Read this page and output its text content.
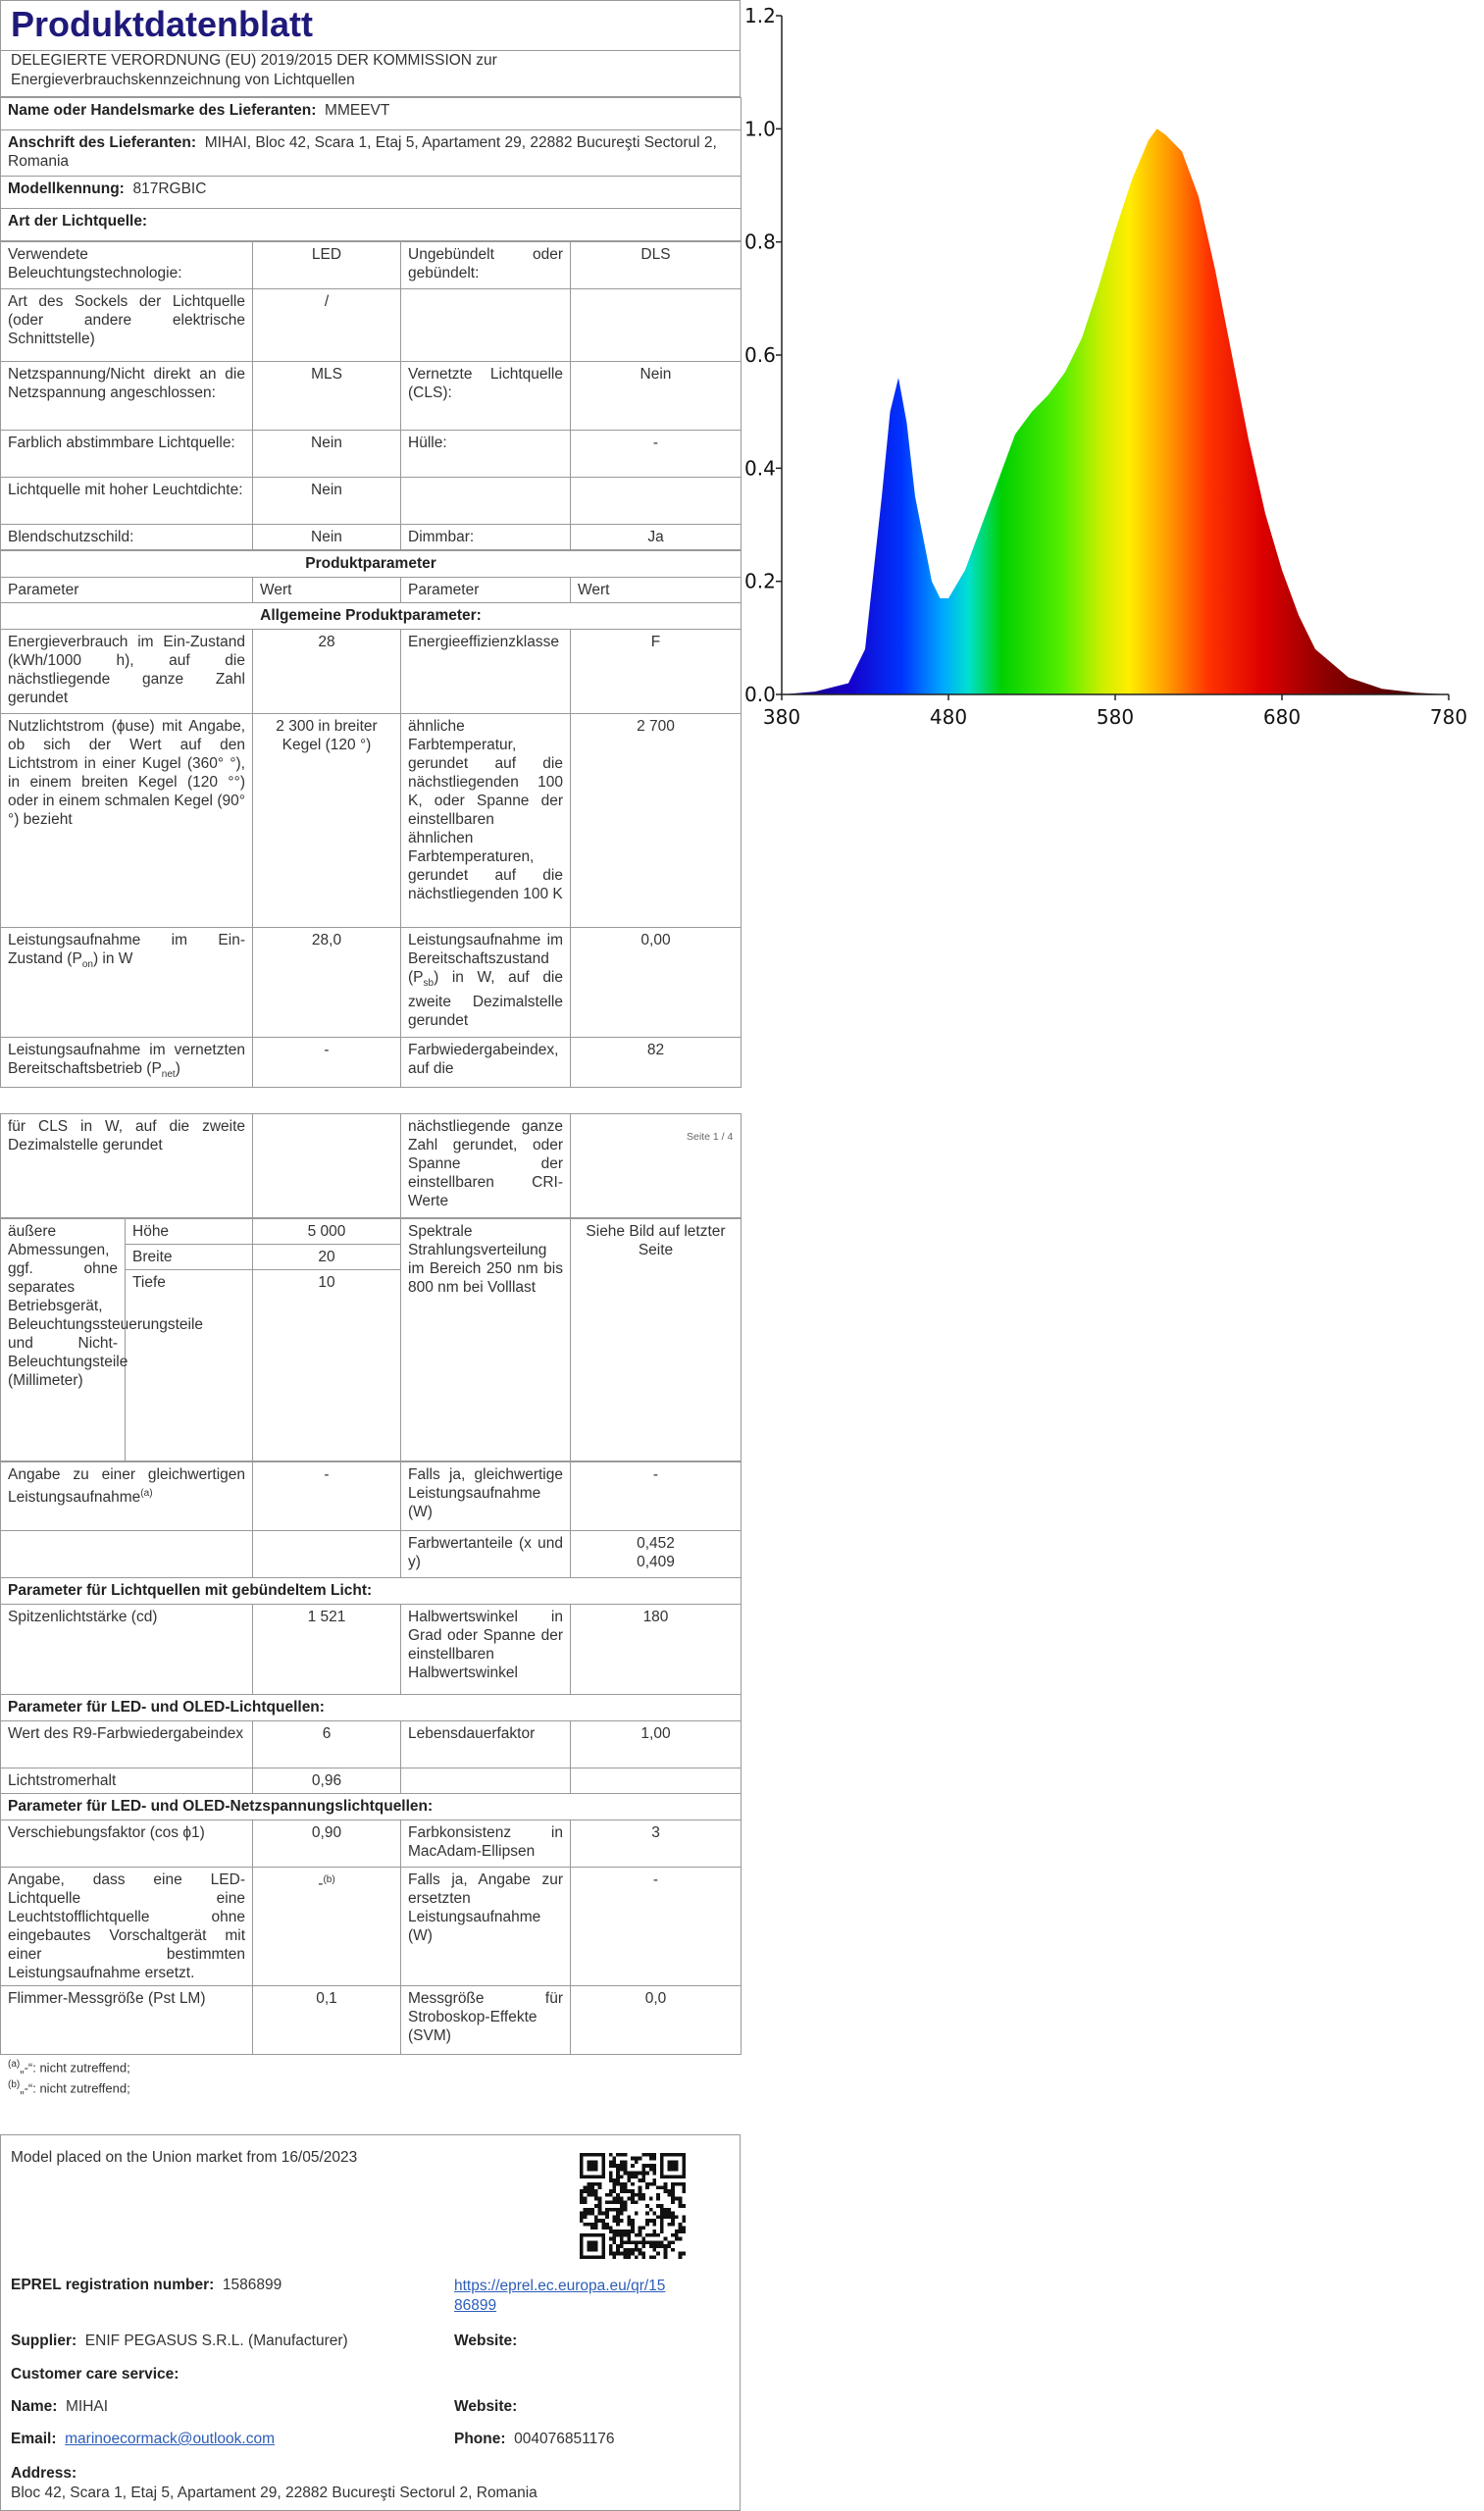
Produktdatenblatt
DELEGIERTE VERORDNUNG (EU) 2019/2015 DER KOMMISSION zur Energieverbrauchskennzeichnung von Lichtquellen
Name oder Handelsmarke des Lieferanten: MMEEVT
Anschrift des Lieferanten: MIHAI, Bloc 42, Scara 1, Etaj 5, Apartament 29, 22882 Bucureşti Sectorul 2, Romania
Modellkennung: 817RGBIC
Art der Lichtquelle:
Verwendete Beleuchtungstechnologie:	LED	Ungebündelt oder gebündelt:	DLS
Art des Sockels der Lichtquelle (oder andere elektrische Schnittstelle)	/		
Netzspannung/Nicht direkt an die Netzspannung angeschlossen:	MLS	Vernetzte Lichtquelle (CLS):	Nein
Farblich abstimmbare Lichtquelle:	Nein	Hülle:	-
Lichtquelle mit hoher Leuchtdichte:	Nein		
Blendschutzschild:	Nein	Dimmbar:	Ja
Produktparameter			
Parameter	Wert	Parameter	Wert
Allgemeine Produktparameter:			
Energieverbrauch im Ein-Zustand (kWh/1000 h), auf die nächstliegende ganze Zahl gerundet	28	Energieeffizienzklasse	F
Nutzlichtstrom (ϕuse) mit Angabe, ob sich der Wert auf den Lichtstrom in einer Kugel (360° °), in einem breiten Kegel (120 °°) oder in einem schmalen Kegel (90° °) bezieht	2 300 in breiter Kegel (120 °)	ähnliche Farbtemperatur, gerundet auf die nächstliegenden 100 K, oder Spanne der einstellbaren ähnlichen Farbtemperaturen, gerundet auf die nächstliegenden 100 K	2 700
Leistungsaufnahme im Ein-Zustand $(P_{on})$ in W	28,0	Leistungsaufnahme im Bereitschaftszustand $(P_{sb})$ in W, auf die zweite Dezimalstelle gerundet	0,00
Leistungsaufnahme im vernetzten Bereitschaftsbetrieb $(P_{net})$	-	Farbwiedergabeindex, auf die	82

für CLS in W, auf die zweite Dezimalstelle gerundet		nächstliegende ganze Zahl gerundet, oder Spanne der einstellbaren CRI-Werte	
äußere Abmessungen, ggf. ohne separates Betriebsgerät, Beleuchtungssteuerungsteile und Nicht-Beleuchtungsteile (Millimeter)	Höhe	5 000	Spektrale Strahlungsverteilung im Bereich 250 nm bis 800 nm bei Volllast	Siehe Bild auf letzter Seite
	Breite	20		
	Tiefe	10		
Angabe zu einer gleichwertigen Leistungsaufnahme$^{(a)}$	-	Falls ja, gleichwertige Leistungsaufnahme (W)	-
		Farbwertanteile (x und y)	0,452
0,409

Parameter für Lichtquellen mit gebündeltem Licht:			
Spitzenlichtstärke (cd)	1 521	Halbwertswinkel in Grad oder Spanne der einstellbaren Halbwertswinkel	180
Parameter für LED- und OLED-Lichtquellen:			
Wert des R9-Farbwiedergabeindex	6	Lebensdauerfaktor	1,00
Lichtstromerhalt	0,96		
Parameter für LED- und OLED-Netzspannungslichtquellen:			
Verschiebungsfaktor (cos ϕ1)	0,90	Farbkonsistenz in MacAdam-Ellipsen	3
Angabe, dass eine LED-Lichtquelle eine Leuchtstofflichtquelle ohne eingebautes Vorschaltgerät mit einer bestimmten Leistungsaufnahme ersetzt.	-$^{(b)}$	Falls ja, Angabe zur ersetzten Leistungsaufnahme (W)	-
Flimmer-Messgröße (Pst LM)	0,1	Messgröße für Stroboskop-Effekte (SVM)	0,0
$^{(a)}$„-“: nicht zutreffend;
$^{(b)}$„-“: nicht zutreffend;
Seite 1 / 4
Model placed on the Union market from 16/05/2023
EPREL registration number: 1586899	https://eprel.ec.europa.eu/qr/15
86899
Supplier: ENIF PEGASUS S.R.L. (Manufacturer)	Website:
Customer care service:
Name: MIHAI	Website:
Email: marinoecormack@outlook.com	Phone: 004076851176
Address:
Bloc 42, Scara 1, Etaj 5, Apartament 29, 22882 Bucureşti Sectorul 2, Romania
0.0
0.2
0.4
0.6
0.8
1.0
1.2
380	480	580	680	780
